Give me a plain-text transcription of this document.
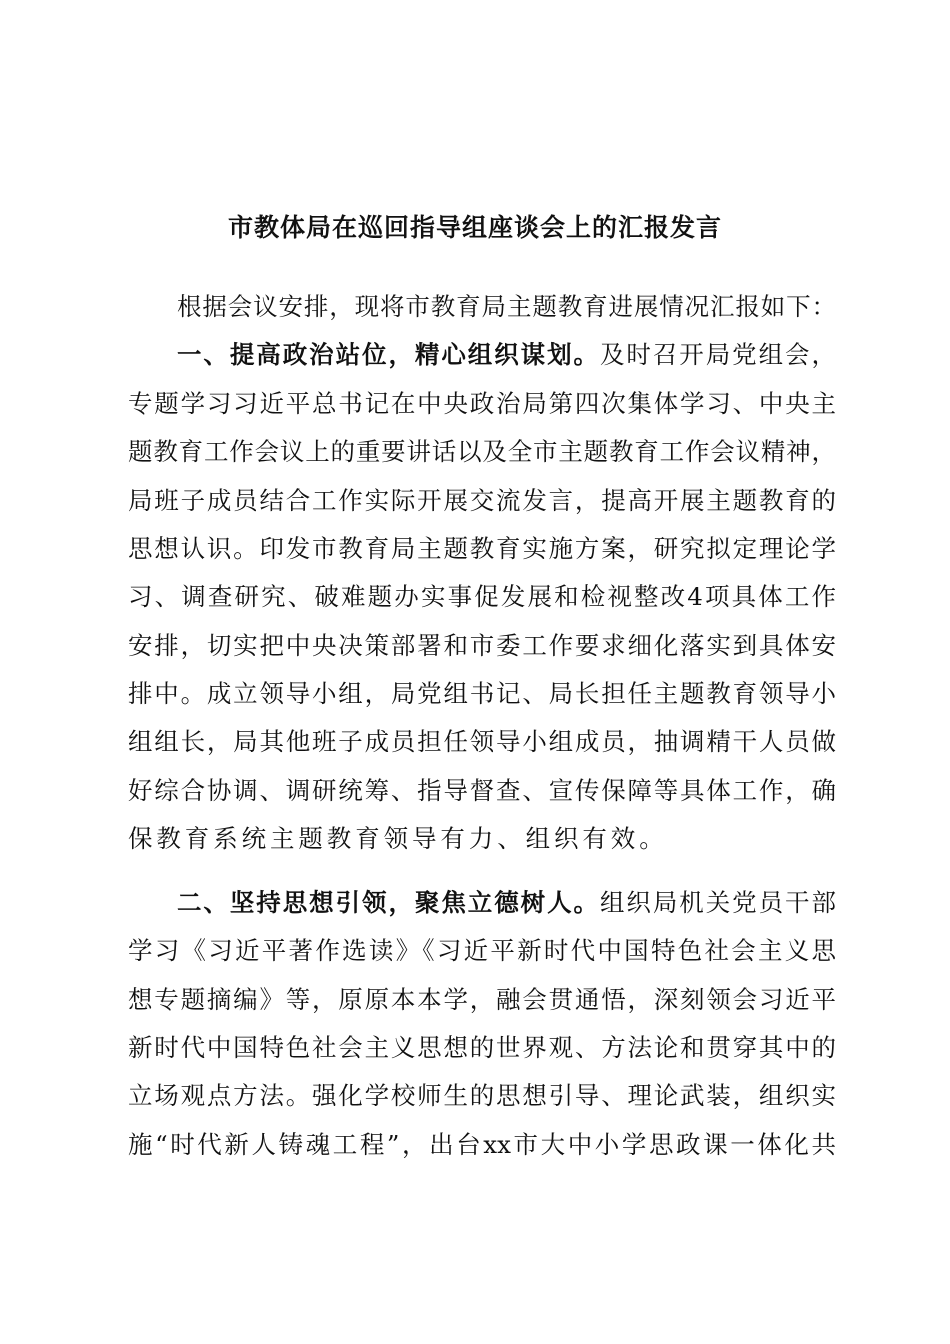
市教体局在巡回指导组座谈会上的汇报发言
根据会议安排，现将市教育局主题教育进展情况汇报如下：
一、提高政治站位，精心组织谋划。及时召开局党组会，
专题学习习近平总书记在中央政治局第四次集体学习、中央主
题教育工作会议上的重要讲话以及全市主题教育工作会议精神，
局班子成员结合工作实际开展交流发言，提高开展主题教育的
思想认识。印发市教育局主题教育实施方案，研究拟定理论学
习、调查研究、破难题办实事促发展和检视整改4项具体工作
安排，切实把中央决策部署和市委工作要求细化落实到具体安
排中。成立领导小组，局党组书记、局长担任主题教育领导小
组组长，局其他班子成员担任领导小组成员，抽调精干人员做
好综合协调、调研统筹、指导督查、宣传保障等具体工作，确
保教育系统主题教育领导有力、组织有效。
二、坚持思想引领，聚焦立德树人。组织局机关党员干部
学习《习近平著作选读》《习近平新时代中国特色社会主义思
想专题摘编》等，原原本本学，融会贯通悟，深刻领会习近平
新时代中国特色社会主义思想的世界观、方法论和贯穿其中的
立场观点方法。强化学校师生的思想引导、理论武装，组织实
施“时代新人铸魂工程”，出台xx市大中小学思政课一体化共
